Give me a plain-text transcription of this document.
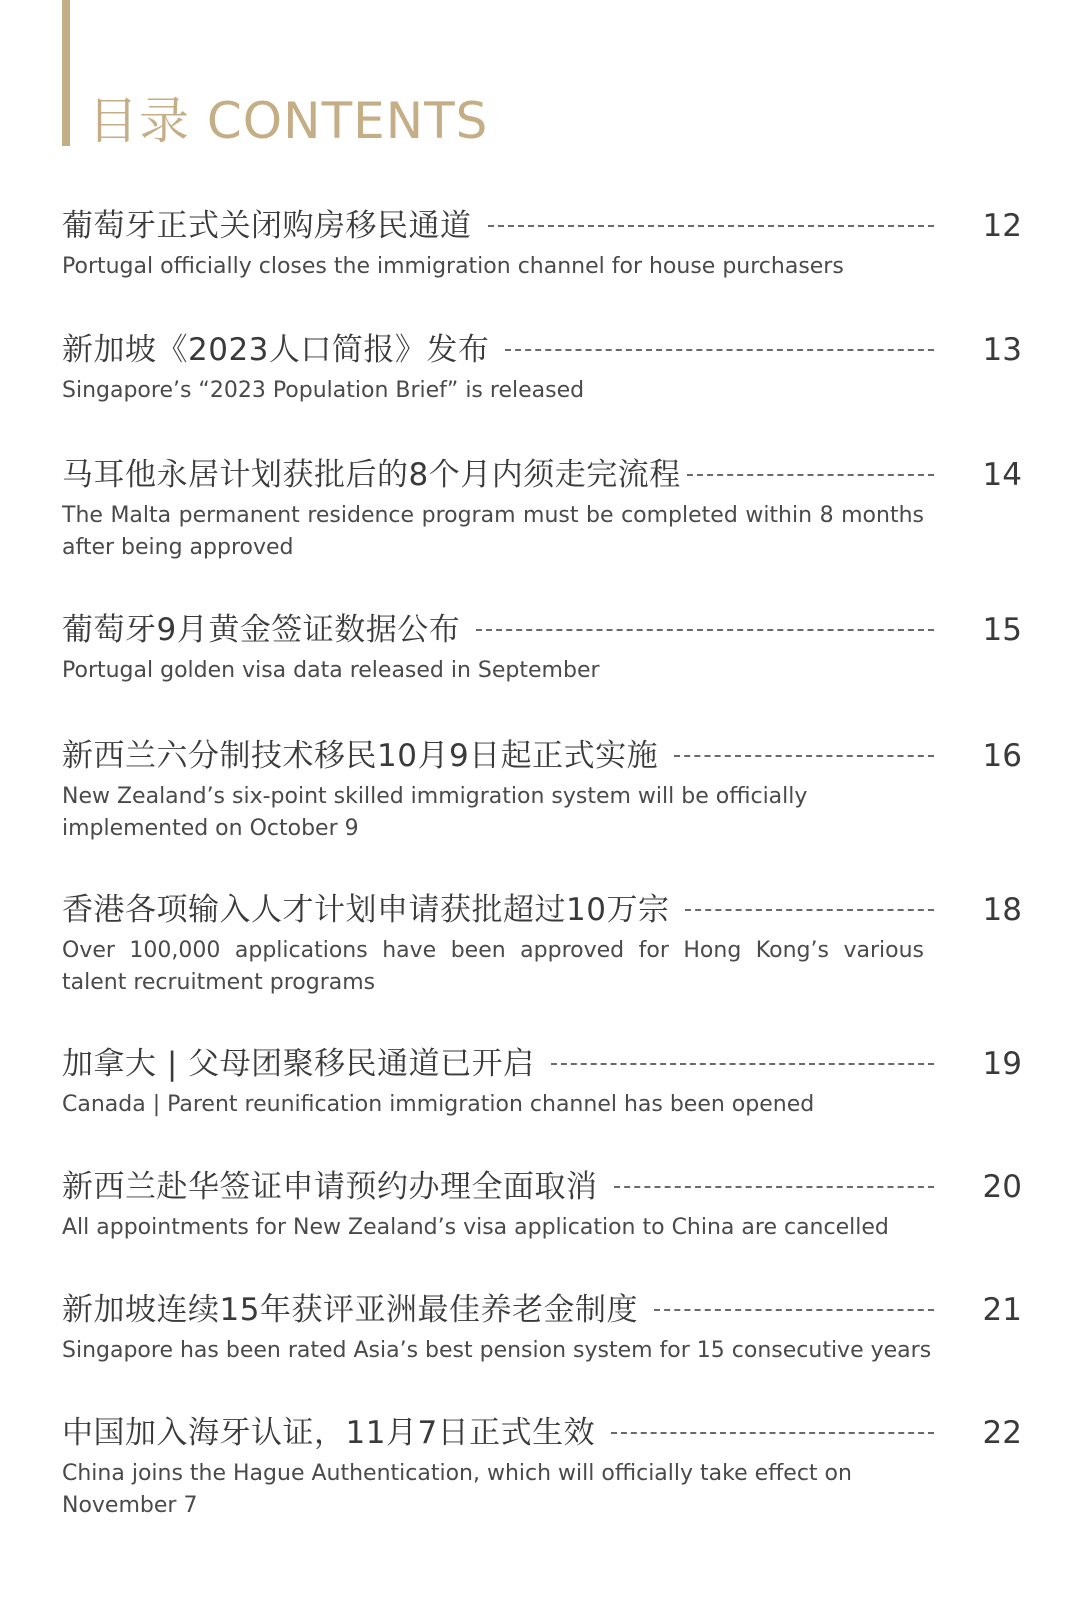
目录 CONTENTS
葡萄牙正式关闭购房移民通道	12
Portugal officially closes the immigration channel for house purchasers
新加坡《2023人口简报》发布	13
Singapore’s “2023 Population Brief” is released
马耳他永居计划获批后的8个月内须走完流程	14
The Malta permanent residence program must be completed within 8 months after being approved
葡萄牙9月黄金签证数据公布	15
Portugal golden visa data released in September
新西兰六分制技术移民10月9日起正式实施	16
New Zealand’s six-point skilled immigration system will be officially implemented on October 9
香港各项输入人才计划申请获批超过10万宗	18
Over 100,000 applications have been approved for Hong Kong’s various talent recruitment programs
加拿大 | 父母团聚移民通道已开启	19
Canada | Parent reunification immigration channel has been opened
新西兰赴华签证申请预约办理全面取消	20
All appointments for New Zealand’s visa application to China are cancelled
新加坡连续15年获评亚洲最佳养老金制度	21
Singapore has been rated Asia’s best pension system for 15 consecutive years
中国加入海牙认证，11月7日正式生效	22
China joins the Hague Authentication, which will officially take effect on November 7
